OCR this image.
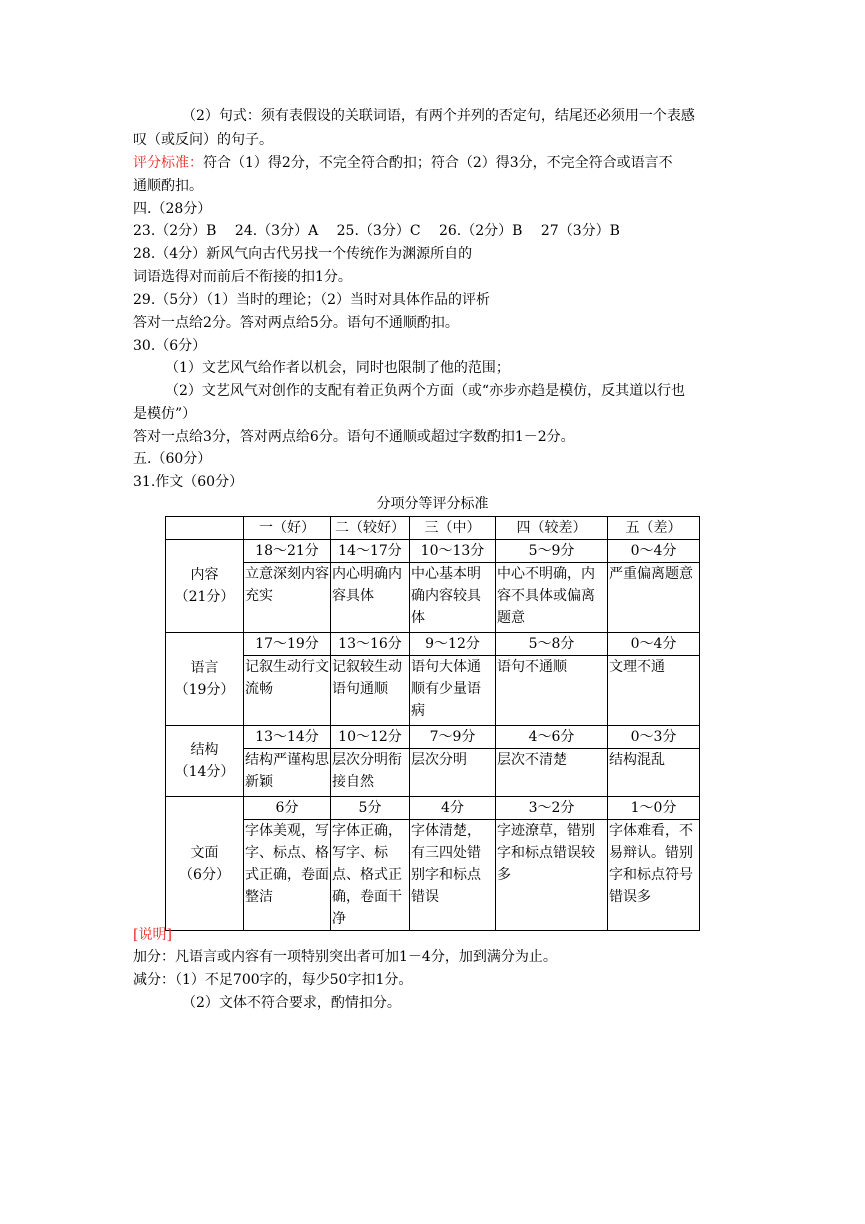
（2）句式：须有表假设的关联词语，有两个并列的否定句，结尾还必须用一个表感
叹（或反问）的句子。
评分标准：符合（1）得2分，不完全符合酌扣；符合（2）得3分，不完全符合或语言不
通顺酌扣。
四.（28分）
23.（2分）B　 24.（3分）A　 25.（3分）C　 26.（2分）B　 27（3分）B
28.（4分）新风气向古代另找一个传统作为渊源所自的
词语选得对而前后不衔接的扣1分。
29.（5分）（1）当时的理论；（2）当时对具体作品的评析
答对一点给2分。答对两点给5分。语句不通顺酌扣。
30.（6分）
（1）文艺风气给作者以机会，同时也限制了他的范围；
（2）文艺风气对创作的支配有着正负两个方面（或“亦步亦趋是模仿，反其道以行也
是模仿”）
答对一点给3分，答对两点给6分。语句不通顺或超过字数酌扣1－2分。
五.（60分）
31.作文（60分）
分项分等评分标准
	一（好）	二（较好）	三（中）	四（较差）	五（差）

内容
（21分）	18～21分	14～17分	10～13分	5～9分	0～4分
	立意深刻内容充实	内心明确内容具体	中心基本明确内容较具体	中心不明确，内容不具体或偏离题意	严重偏离题意

语言
（19分）	17～19分	13～16分	9～12分	5～8分	0～4分
	记叙生动行文流畅	记叙较生动语句通顺	语句大体通顺有少量语病	语句不通顺	文理不通

结构
（14分）	13～14分	10～12分	7～9分	4～6分	0～3分
	结构严谨构思新颖	层次分明衔接自然	层次分明	层次不清楚	结构混乱

文面
（6分）	6分	5分	4分	3～2分	1～0分
	字体美观，写字、标点、格式正确，卷面整洁	字体正确，写字、标点、格式正确，卷面干净	字体清楚，有三四处错别字和标点错误	字迹潦草，错别字和标点错误较多	字体难看，不易辩认。错别字和标点符号错误多
[说明]
加分：凡语言或内容有一项特别突出者可加1－4分，加到满分为止。
减分：（1）不足700字的，每少50字扣1分。
（2）文体不符合要求，酌情扣分。
